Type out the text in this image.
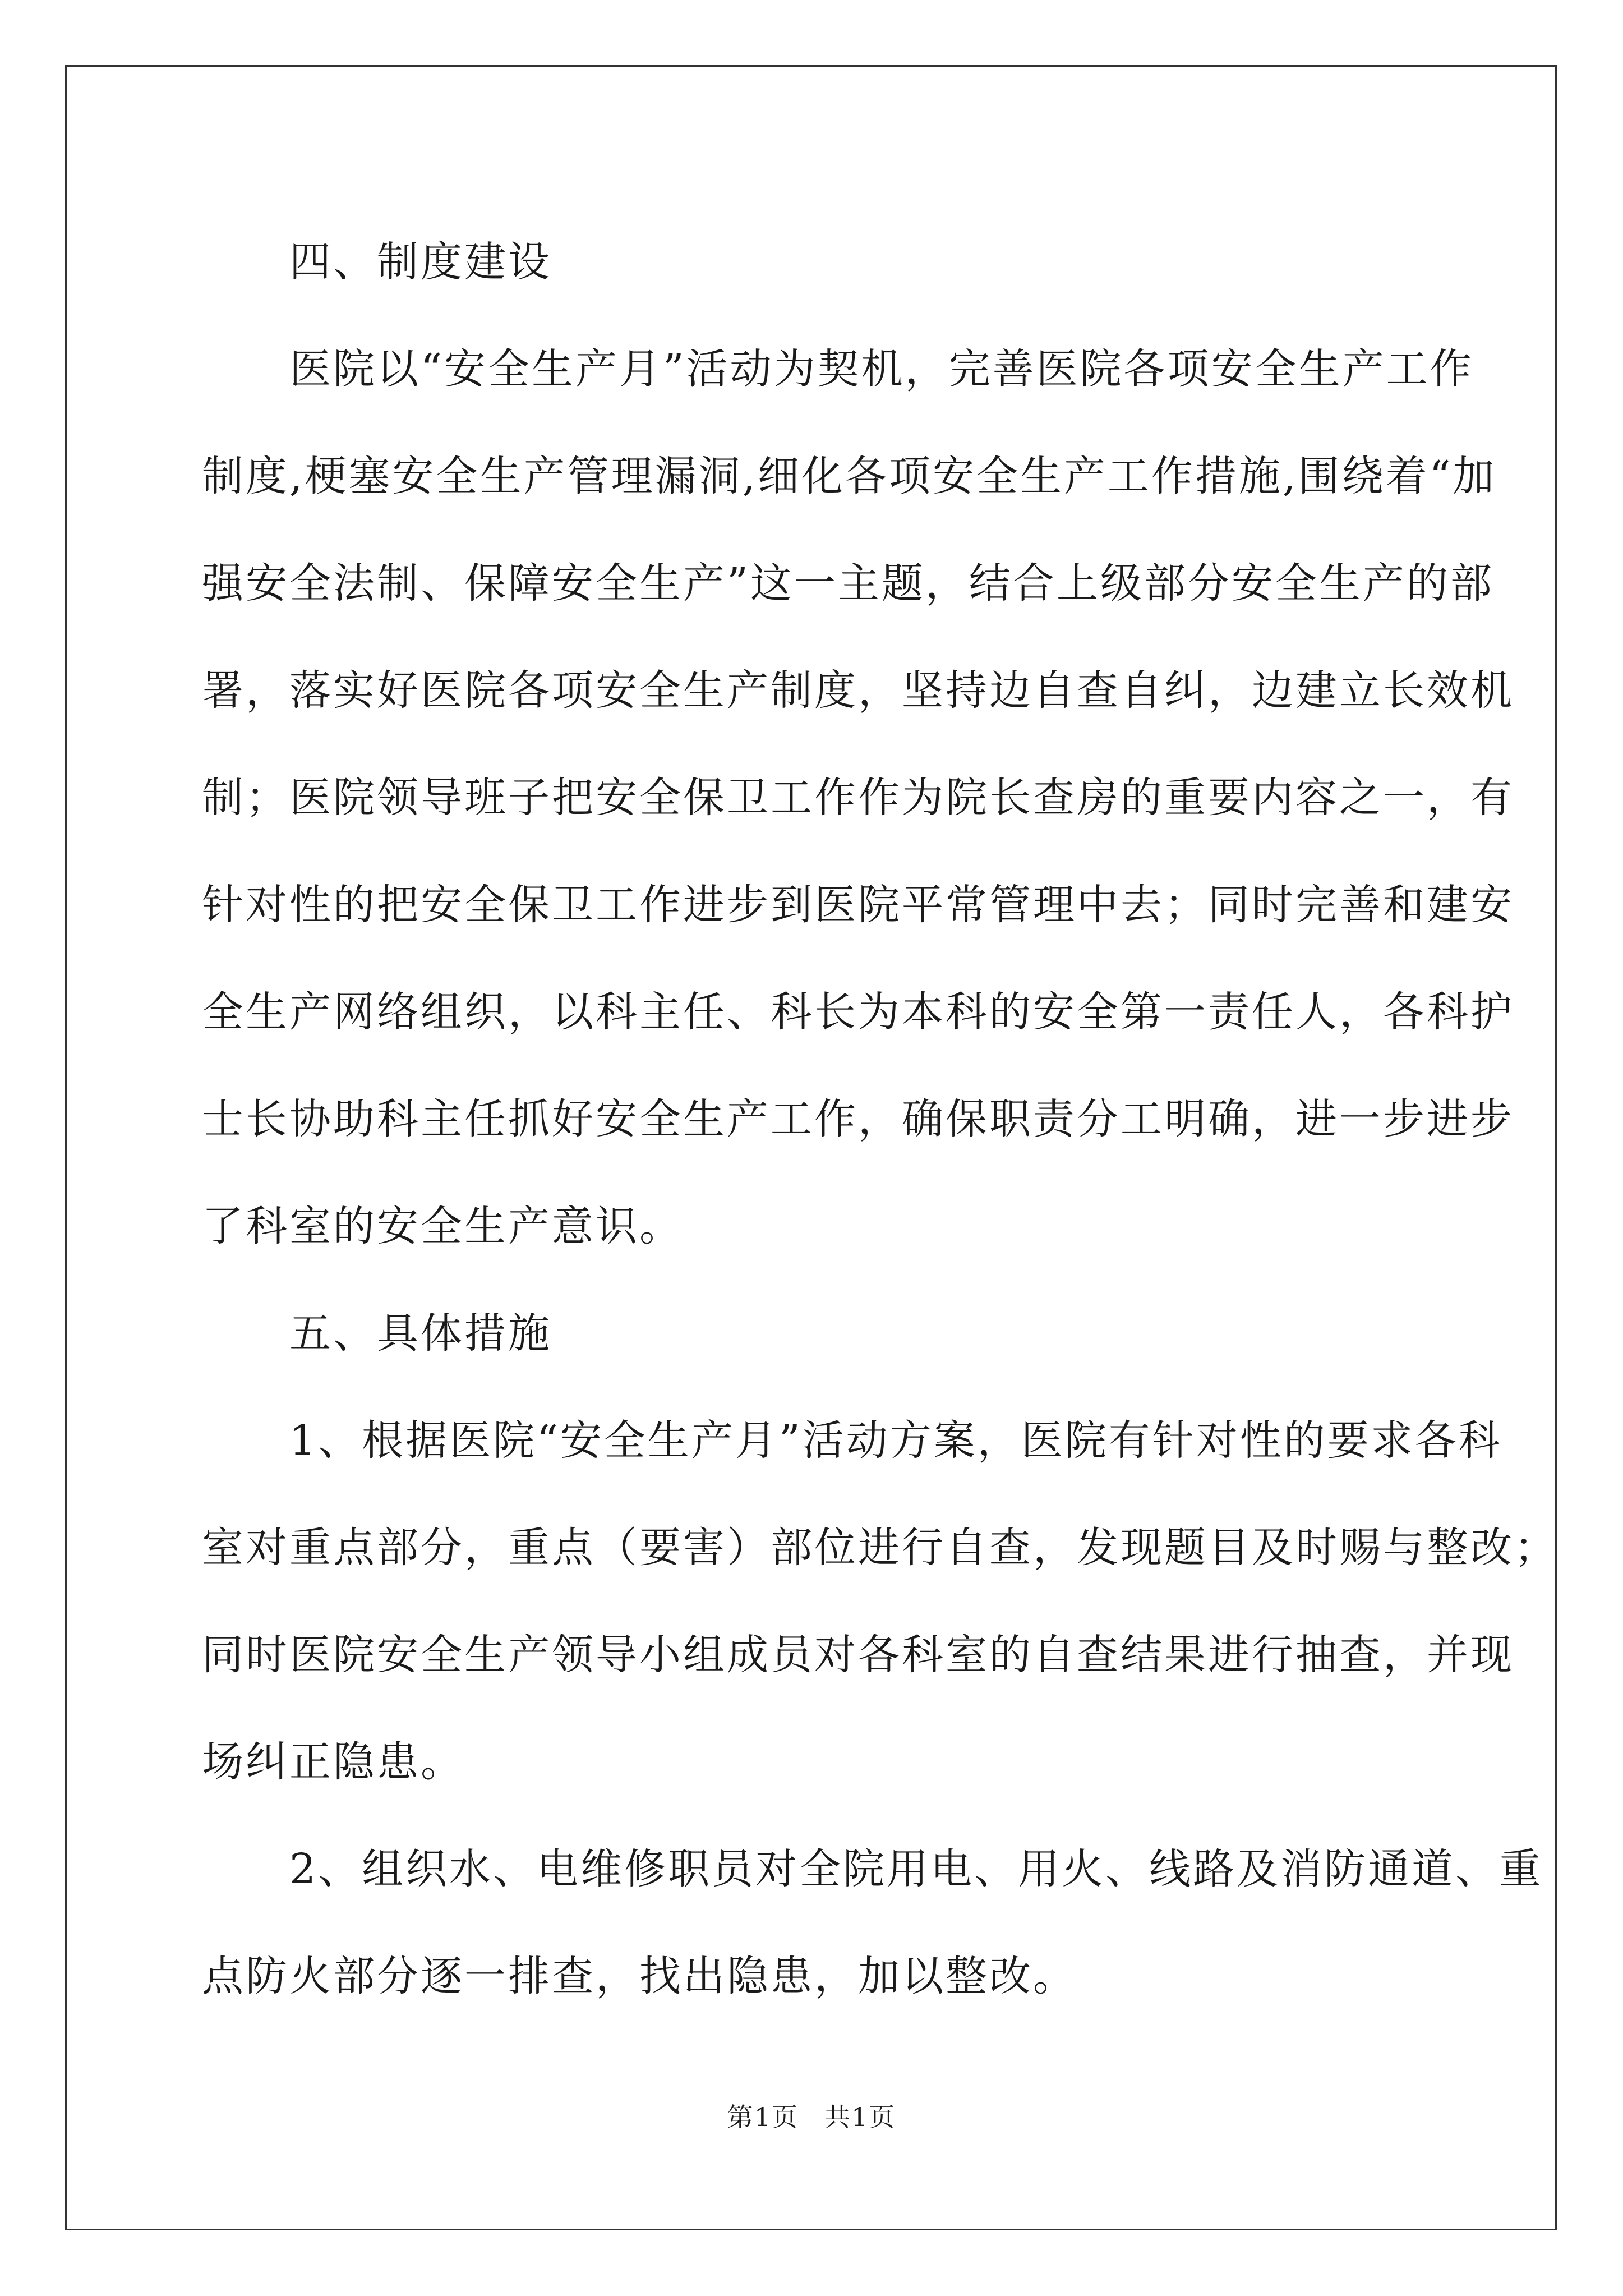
　　四、制度建设

　　医院以“安全生产月”活动为契机，完善医院各项安全生产工作
制度,梗塞安全生产管理漏洞,细化各项安全生产工作措施,围绕着“加
强安全法制、保障安全生产”这一主题，结合上级部分安全生产的部
署，落实好医院各项安全生产制度，坚持边自查自纠，边建立长效机
制；医院领导班子把安全保卫工作作为院长查房的重要内容之一，有
针对性的把安全保卫工作进步到医院平常管理中去；同时完善和建安
全生产网络组织，以科主任、科长为本科的安全第一责任人，各科护
士长协助科主任抓好安全生产工作，确保职责分工明确，进一步进步
了科室的安全生产意识。

　　五、具体措施

　　1、根据医院“安全生产月”活动方案，医院有针对性的要求各科
室对重点部分，重点（要害）部位进行自查，发现题目及时赐与整改；
同时医院安全生产领导小组成员对各科室的自查结果进行抽查，并现
场纠正隐患。

　　2、组织水、电维修职员对全院用电、用火、线路及消防通道、重
点防火部分逐一排查，找出隐患，加以整改。

第1页 共1页
